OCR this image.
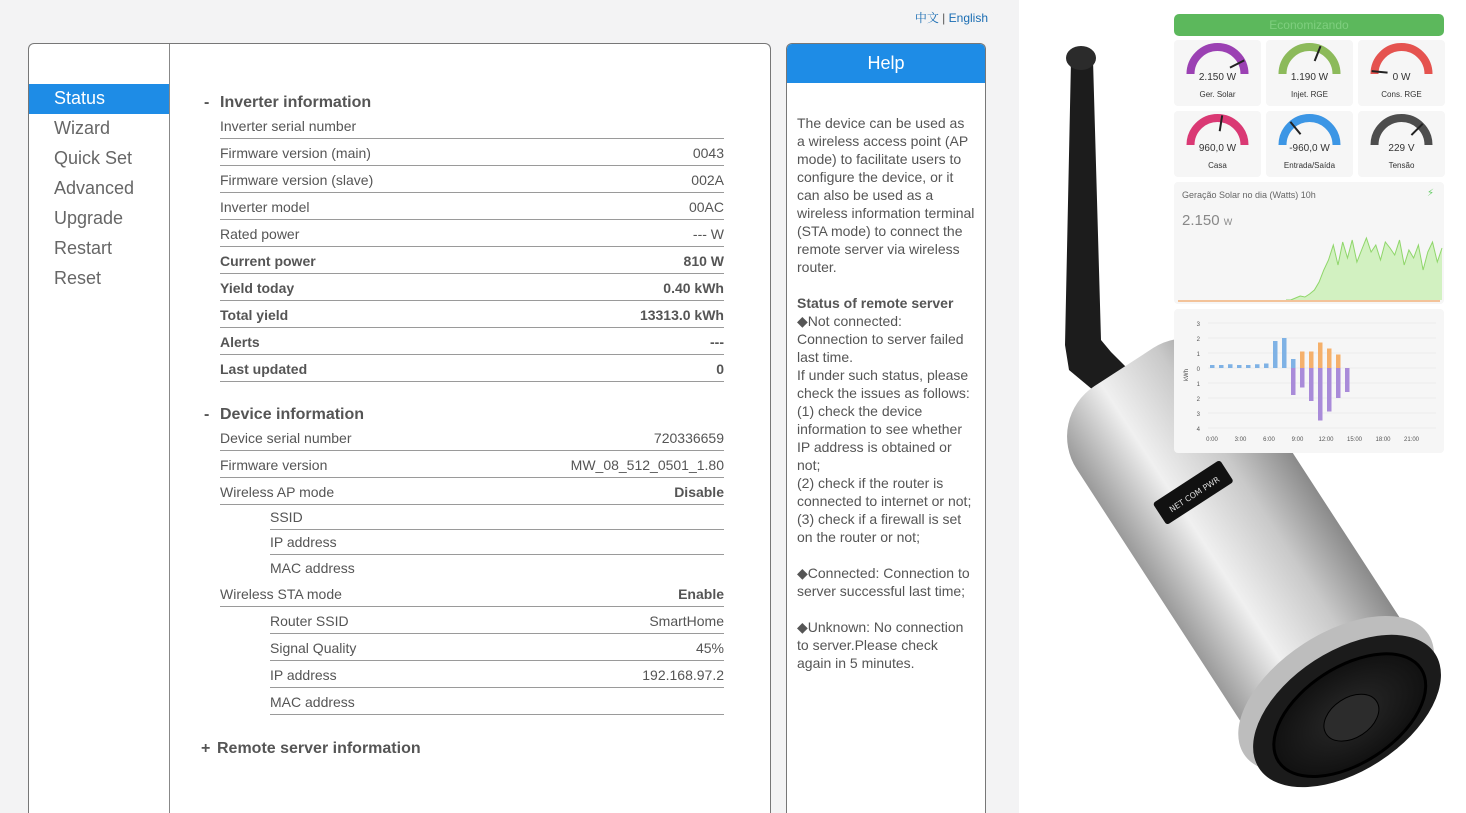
中文 | English
Status
Wizard
Quick Set
Advanced
Upgrade
Restart
Reset
- Inverter information
Inverter serial number
Firmware version (main)	0043
Firmware version (slave)	002A
Inverter model	00AC
Rated power	--- W
Current power	810 W
Yield today	0.40 kWh
Total yield	13313.0 kWh
Alerts	---
Last updated	0
- Device information
Device serial number	720336659
Firmware version	MW_08_512_0501_1.80
Wireless AP mode	Disable
SSID
IP address
MAC address
Wireless STA mode	Enable
Router SSID	SmartHome
Signal Quality	45%
IP address	192.168.97.2
MAC address
+ Remote server information
Help

The device can be used as a wireless access point (AP mode) to facilitate users to configure the device, or it can also be used as a wireless information terminal (STA mode) to connect the remote server via wireless router.

Status of remote server

◆Not connected:

Connection to server failed last time.

If under such status, please check the issues as follows:

(1) check the device information to see whether IP address is obtained or not;

(2) check if the router is connected to internet or not;

(3) check if a firewall is set on the router or not;

◆Connected: Connection to server successful last time;

◆Unknown: No connection to server.Please check again in 5 minutes.

NET COM PWR
Economizando
2.150 W
Ger. Solar
1.190 W
Injet. RGE
0 W
Cons. RGE
960,0 W
Casa
-960,0 W
Entrada/Saída
229 V
Tensão
Geração Solar no dia (Watts) 10h
2.150 W
⚡
3
2
1
0
1
2
3
4
kWh
0:00	3:00	6:00	9:00	12:00 15:00 18:00 21:00
